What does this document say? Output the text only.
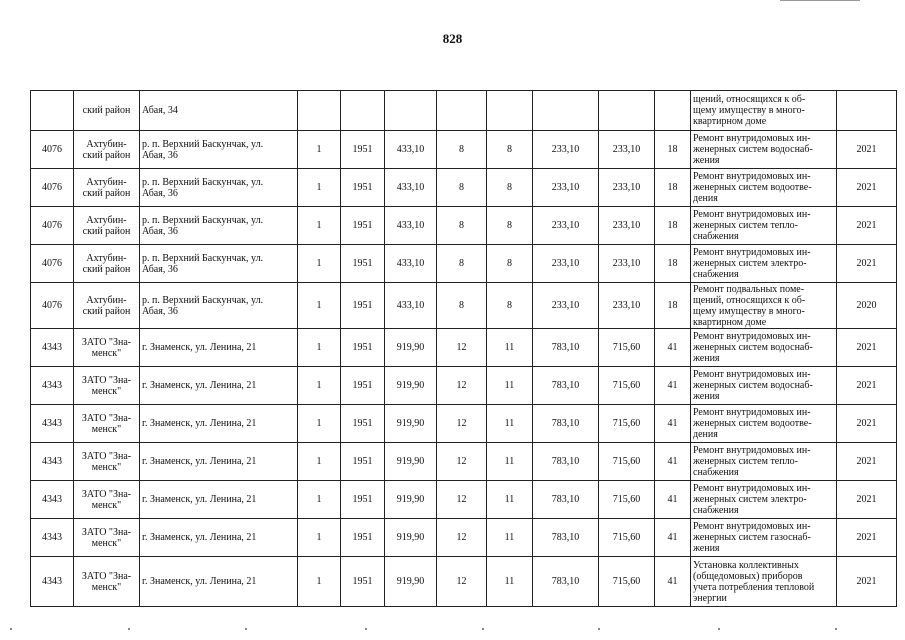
828
	ский район	Абая, 34									щений, относящихся к об-
щему имуществу в много-
квартирном доме	
4076	Ахтубин-
ский район	р. п. Верхний Баскунчак, ул.
Абая, 36	1	1951	433,10	8	8	233,10	233,10	18	Ремонт внутридомовых ин-
женерных систем водоснаб-
жения	2021
4076	Ахтубин-
ский район	р. п. Верхний Баскунчак, ул.
Абая, 36	1	1951	433,10	8	8	233,10	233,10	18	Ремонт внутридомовых ин-
женерных систем водоотве-
дения	2021
4076	Ахтубин-
ский район	р. п. Верхний Баскунчак, ул.
Абая, 36	1	1951	433,10	8	8	233,10	233,10	18	Ремонт внутридомовых ин-
женерных систем тепло-
снабжения	2021
4076	Ахтубин-
ский район	р. п. Верхний Баскунчак, ул.
Абая, 36	1	1951	433,10	8	8	233,10	233,10	18	Ремонт внутридомовых ин-
женерных систем электро-
снабжения	2021
4076	Ахтубин-
ский район	р. п. Верхний Баскунчак, ул.
Абая, 36	1	1951	433,10	8	8	233,10	233,10	18	Ремонт подвальных поме-
щений, относящихся к об-
щему имуществу в много-
квартирном доме	2020
4343	ЗАТО "Зна-
менск"	г. Знаменск, ул. Ленина, 21	1	1951	919,90	12	11	783,10	715,60	41	Ремонт внутридомовых ин-
женерных систем водоснаб-
жения	2021
4343	ЗАТО "Зна-
менск"	г. Знаменск, ул. Ленина, 21	1	1951	919,90	12	11	783,10	715,60	41	Ремонт внутридомовых ин-
женерных систем водоснаб-
жения	2021
4343	ЗАТО "Зна-
менск"	г. Знаменск, ул. Ленина, 21	1	1951	919,90	12	11	783,10	715,60	41	Ремонт внутридомовых ин-
женерных систем водоотве-
дения	2021
4343	ЗАТО "Зна-
менск"	г. Знаменск, ул. Ленина, 21	1	1951	919,90	12	11	783,10	715,60	41	Ремонт внутридомовых ин-
женерных систем тепло-
снабжения	2021
4343	ЗАТО "Зна-
менск"	г. Знаменск, ул. Ленина, 21	1	1951	919,90	12	11	783,10	715,60	41	Ремонт внутридомовых ин-
женерных систем электро-
снабжения	2021
4343	ЗАТО "Зна-
менск"	г. Знаменск, ул. Ленина, 21	1	1951	919,90	12	11	783,10	715,60	41	Ремонт внутридомовых ин-
женерных систем газоснаб-
жения	2021
4343	ЗАТО "Зна-
менск"	г. Знаменск, ул. Ленина, 21	1	1951	919,90	12	11	783,10	715,60	41	Установка коллективных
(общедомовых) приборов
учета потребления тепловой
энергии	2021
